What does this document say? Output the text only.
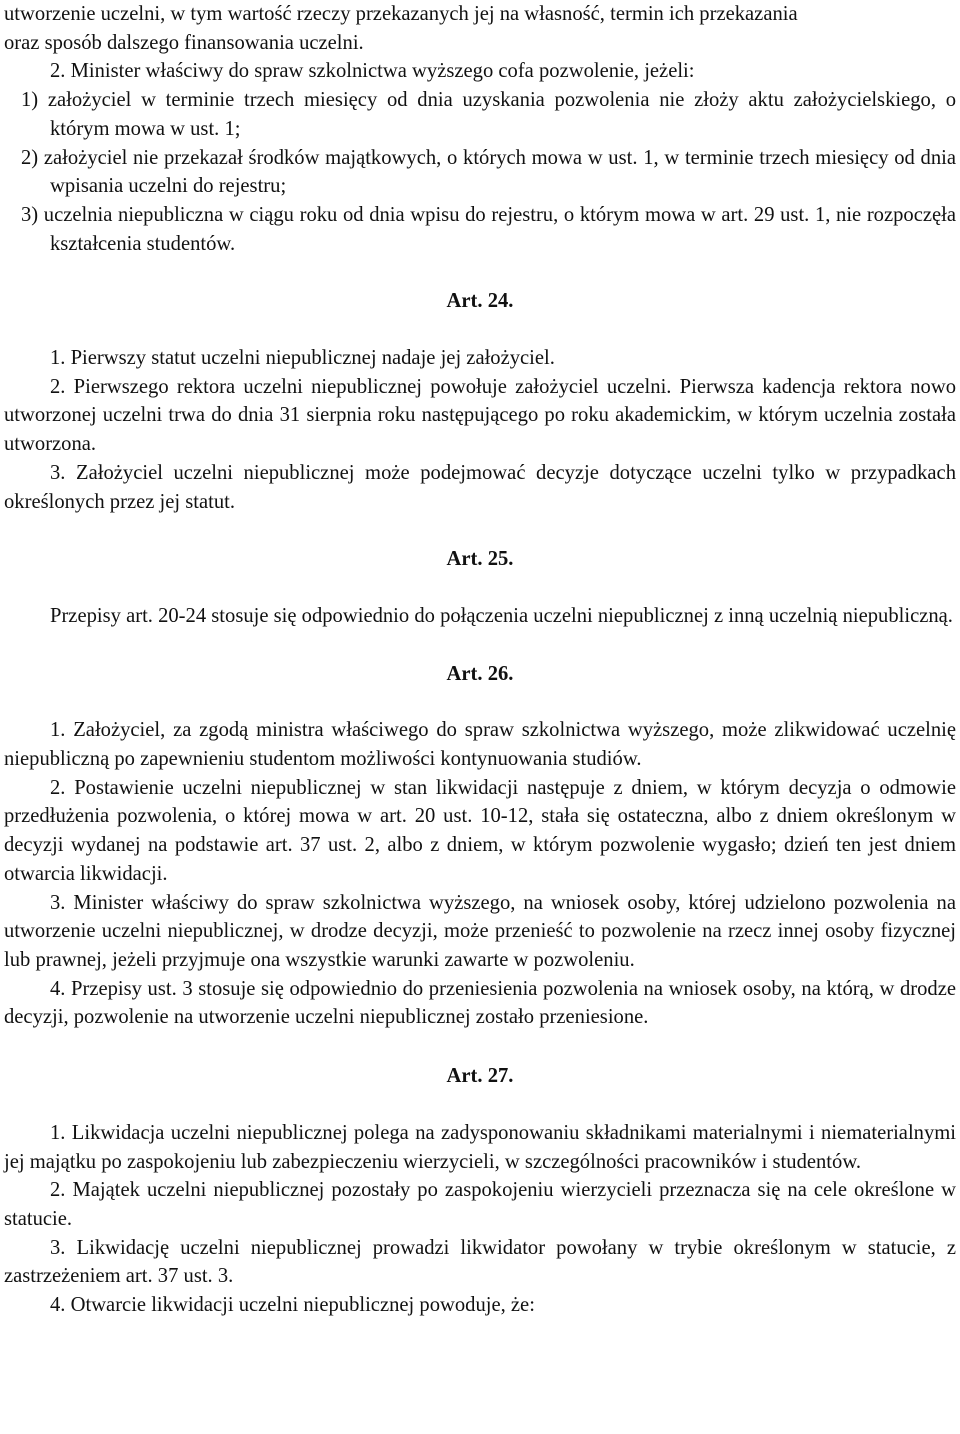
utworzenie uczelni, w tym wartość rzeczy przekazanych jej na własność, termin ich przekazania

oraz sposób dalszego finansowania uczelni.

2. Minister właściwy do spraw szkolnictwa wyższego cofa pozwolenie, jeżeli:

1) założyciel w terminie trzech miesięcy od dnia uzyskania pozwolenia nie złoży aktu założycielskiego, o którym mowa w ust. 1;

2) założyciel nie przekazał środków majątkowych, o których mowa w ust. 1, w terminie trzech miesięcy od dnia wpisania uczelni do rejestru;

3) uczelnia niepubliczna w ciągu roku od dnia wpisu do rejestru, o którym mowa w art. 29 ust. 1, nie rozpoczęła kształcenia studentów.

Art. 24.

1. Pierwszy statut uczelni niepublicznej nadaje jej założyciel.

2. Pierwszego rektora uczelni niepublicznej powołuje założyciel uczelni. Pierwsza kadencja rektora nowo utworzonej uczelni trwa do dnia 31 sierpnia roku następującego po roku akademickim, w którym uczelnia została utworzona.

3. Założyciel uczelni niepublicznej może podejmować decyzje dotyczące uczelni tylko w przypadkach określonych przez jej statut.

Art. 25.

Przepisy art. 20-24 stosuje się odpowiednio do połączenia uczelni niepublicznej z inną uczelnią niepubliczną.

Art. 26.

1. Założyciel, za zgodą ministra właściwego do spraw szkolnictwa wyższego, może zlikwidować uczelnię niepubliczną po zapewnieniu studentom możliwości kontynuowania studiów.

2. Postawienie uczelni niepublicznej w stan likwidacji następuje z dniem, w którym decyzja o odmowie przedłużenia pozwolenia, o której mowa w art. 20 ust. 10-12, stała się ostateczna, albo z dniem określonym w decyzji wydanej na podstawie art. 37 ust. 2, albo z dniem, w którym pozwolenie wygasło; dzień ten jest dniem otwarcia likwidacji.

3. Minister właściwy do spraw szkolnictwa wyższego, na wniosek osoby, której udzielono pozwolenia na utworzenie uczelni niepublicznej, w drodze decyzji, może przenieść to pozwolenie na rzecz innej osoby fizycznej lub prawnej, jeżeli przyjmuje ona wszystkie warunki zawarte w pozwoleniu.

4. Przepisy ust. 3 stosuje się odpowiednio do przeniesienia pozwolenia na wniosek osoby, na którą, w drodze decyzji, pozwolenie na utworzenie uczelni niepublicznej zostało przeniesione.

Art. 27.

1. Likwidacja uczelni niepublicznej polega na zadysponowaniu składnikami materialnymi i niematerialnymi jej majątku po zaspokojeniu lub zabezpieczeniu wierzycieli, w szczególności pracowników i studentów.

2. Majątek uczelni niepublicznej pozostały po zaspokojeniu wierzycieli przeznacza się na cele określone w statucie.

3. Likwidację uczelni niepublicznej prowadzi likwidator powołany w trybie określonym w statucie, z zastrzeżeniem art. 37 ust. 3.

4. Otwarcie likwidacji uczelni niepublicznej powoduje, że:
